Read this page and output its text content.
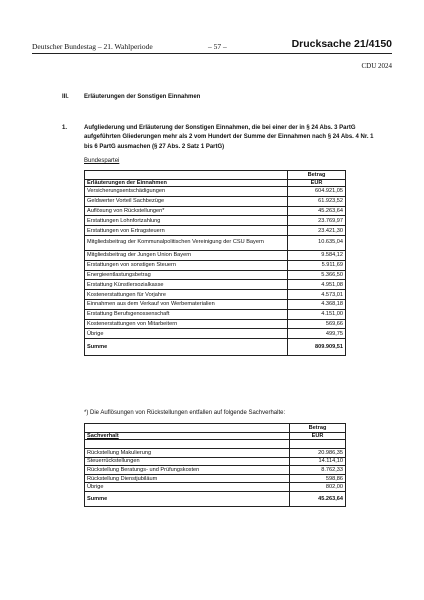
Deutscher Bundestag – 21. Wahlperiode	– 57 –	Drucksache 21/4150
CDU 2024
III.	Erläuterungen der Sonstigen Einnahmen
1.	Aufgliederung und Erläuterung der Sonstigen Einnahmen, die bei einer der in § 24 Abs. 3 PartG aufgeführten Gliederungen mehr als 2 vom Hundert der Summe der Einnahmen nach § 24 Abs. 4 Nr. 1 bis 6 PartG ausmachen (§ 27 Abs. 2 Satz 1 PartG)
Bundespartei
	Betrag
Erläuterungen der Einnahmen	EUR
Versicherungsentschädigungen	604.921,05
Geldwerter Vorteil Sachbezüge	61.923,52
Auflösung von Rückstellungen*	45.263,64
Erstattungen Lohnfortzahlung	23.769,97
Erstattungen von Ertragsteuern	23.421,30
Mitgliedsbeitrag der Kommunalpolitischen Vereinigung der CSU Bayern	10.635,04
Mitgliedsbeitrag der Jungen Union Bayern	9.584,12
Erstattungen von sonstigen Steuern	5.911,69
Energieentlastungsbetrag	5.366,50
Erstattung Künstlersozialkasse	4.951,08
Kostenerstattungen für Vorjahre	4.573,01
Einnahmen aus dem Verkauf von Werbematerialien	4.368,18
Erstattung Berufsgenossenschaft	4.151,00
Kostenerstattungen von Mitarbeitern	569,66
Übrige	499,75
Summe	809.909,51
*) Die Auflösungen von Rückstellungen entfallen auf folgende Sachverhalte:
	Betrag
Sachverhalt	EUR

Rückstellung Makulierung	20.986,35
Steuerrückstellungen	14.114,10
Rückstellung Beratungs- und Prüfungskosten	8.762,33
Rückstellung Dienstjubiläum	598,86
Übrige	802,00
Summe	45.263,64
